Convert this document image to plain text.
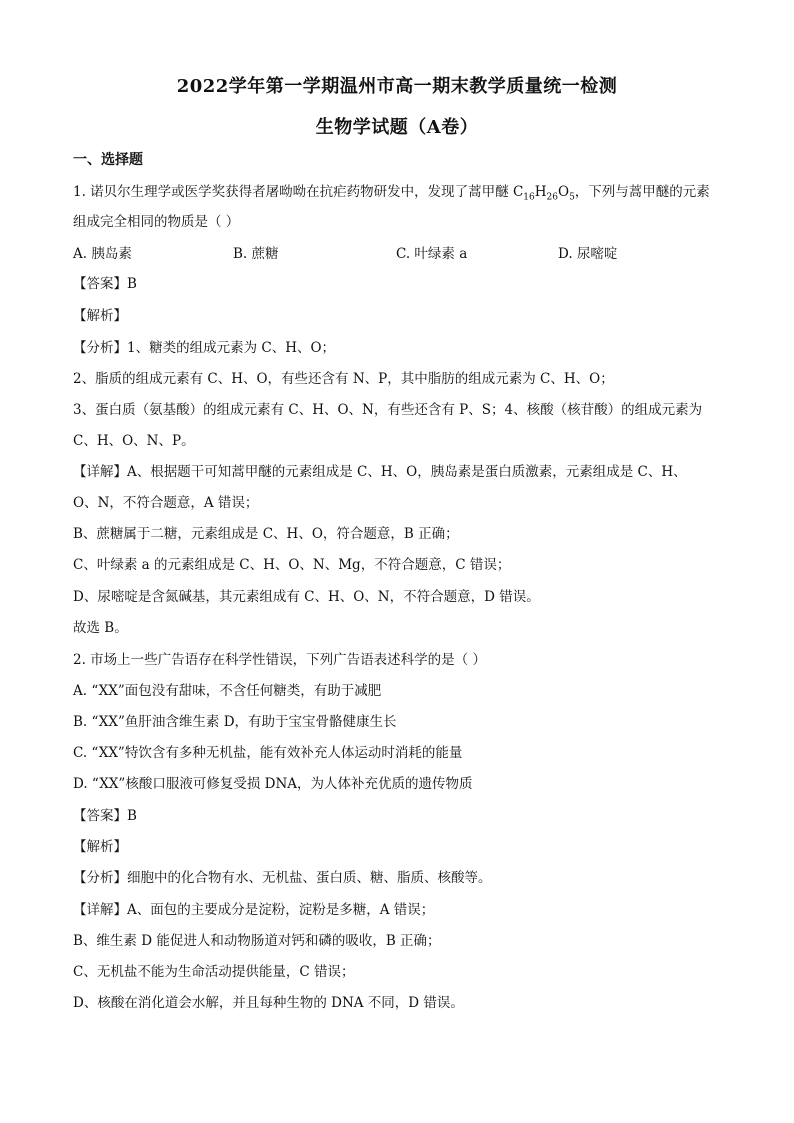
2022学年第一学期温州市高一期末教学质量统一检测
生物学试题（A卷）
一、选择题
1. 诺贝尔生理学或医学奖获得者屠呦呦在抗疟药物研发中，发现了蒿甲醚 $C_{16}H_{26}O_5$，下列与蒿甲醚的元素
组成完全相同的物质是（ ）
A. 胰岛素	B. 蔗糖	C. 叶绿素 a	D. 尿嘧啶
【答案】B
【解析】
【分析】1、糖类的组成元素为 C、H、O；
2、脂质的组成元素有 C、H、O，有些还含有 N、P，其中脂肪的组成元素为 C、H、O；
3、蛋白质（氨基酸）的组成元素有 C、H、O、N，有些还含有 P、S；4、核酸（核苷酸）的组成元素为
C、H、O、N、P。
【详解】A、根据题干可知蒿甲醚的元素组成是 C、H、O，胰岛素是蛋白质激素，元素组成是 C、H、
O、N，不符合题意，A 错误；
B、蔗糖属于二糖，元素组成是 C、H、O，符合题意，B 正确；
C、叶绿素 a 的元素组成是 C、H、O、N、Mg，不符合题意，C 错误；
D、尿嘧啶是含氮碱基，其元素组成有 C、H、O、N，不符合题意，D 错误。
故选 B。
2. 市场上一些广告语存在科学性错误，下列广告语表述科学的是（ ）
A. “XX”面包没有甜味，不含任何糖类，有助于减肥
B. “XX”鱼肝油含维生素 D，有助于宝宝骨骼健康生长
C. “XX”特饮含有多种无机盐，能有效补充人体运动时消耗的能量
D. “XX”核酸口服液可修复受损 DNA，为人体补充优质的遗传物质
【答案】B
【解析】
【分析】细胞中的化合物有水、无机盐、蛋白质、糖、脂质、核酸等。
【详解】A、面包的主要成分是淀粉，淀粉是多糖，A 错误；
B、维生素 D 能促进人和动物肠道对钙和磷的吸收，B 正确；
C、无机盐不能为生命活动提供能量，C 错误；
D、核酸在消化道会水解，并且每种生物的 DNA 不同，D 错误。
